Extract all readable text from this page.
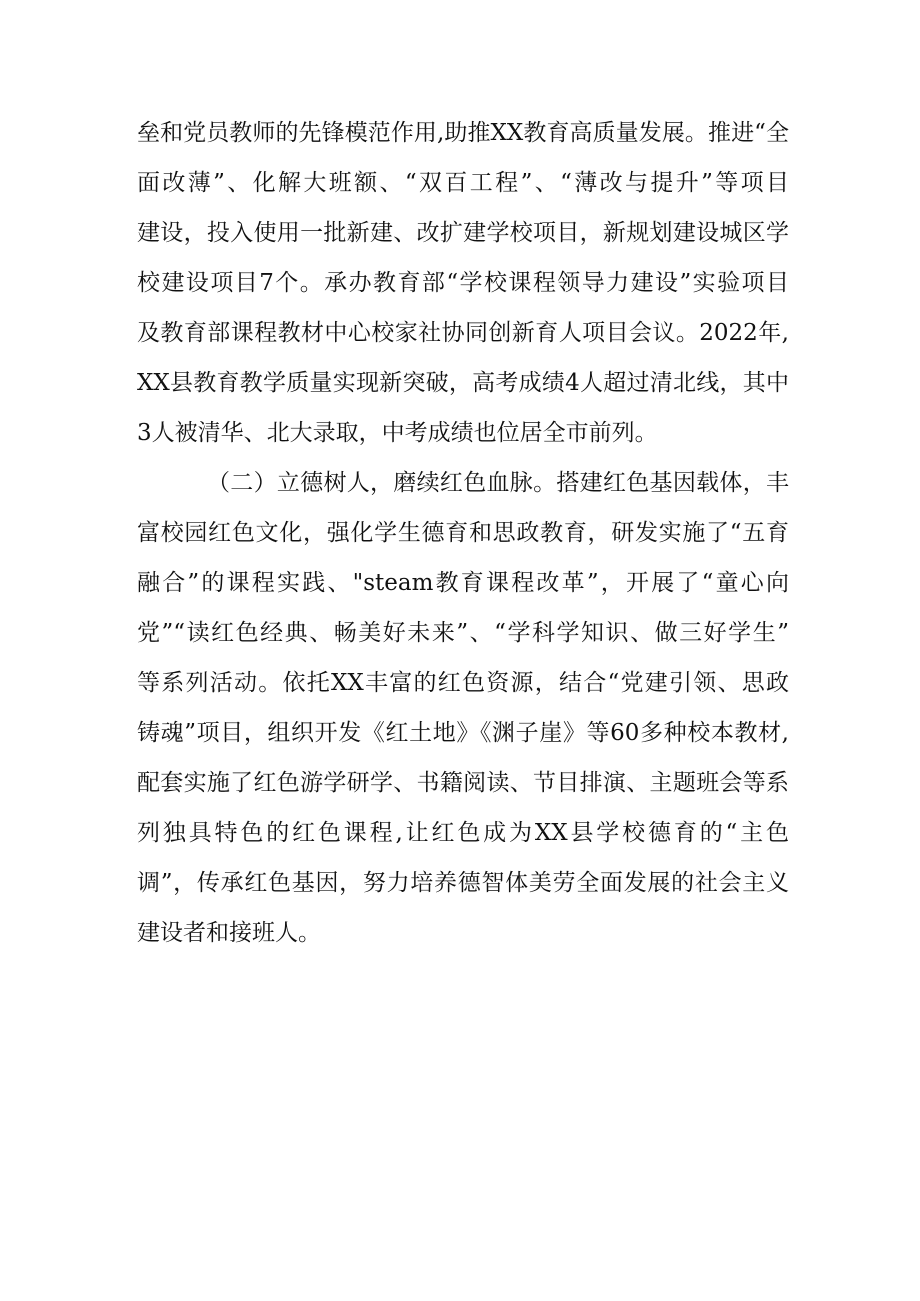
垒和党员教师的先锋模范作用,助推XX教育高质量发展。推进“全
面改薄”、化解大班额、“双百工程”、“薄改与提升”等项目
建设，投入使用一批新建、改扩建学校项目，新规划建设城区学
校建设项目7个。承办教育部“学校课程领导力建设”实验项目
及教育部课程教材中心校家社协同创新育人项目会议。2022年,
XX县教育教学质量实现新突破，高考成绩4人超过清北线，其中
3人被清华、北大录取，中考成绩也位居全市前列。
（二）立德树人，磨续红色血脉。搭建红色基因载体，丰
富校园红色文化，强化学生德育和思政教育，研发实施了“五育
融合”的课程实践、"steam教育课程改革”，开展了“童心向
党”“读红色经典、畅美好未来”、“学科学知识、做三好学生”
等系列活动。依托XX丰富的红色资源，结合“党建引领、思政
铸魂”项目，组织开发《红土地》《渊子崖》等60多种校本教材,
配套实施了红色游学研学、书籍阅读、节目排演、主题班会等系
列独具特色的红色课程,让红色成为XX县学校德育的“主色
调”，传承红色基因，努力培养德智体美劳全面发展的社会主义
建设者和接班人。
